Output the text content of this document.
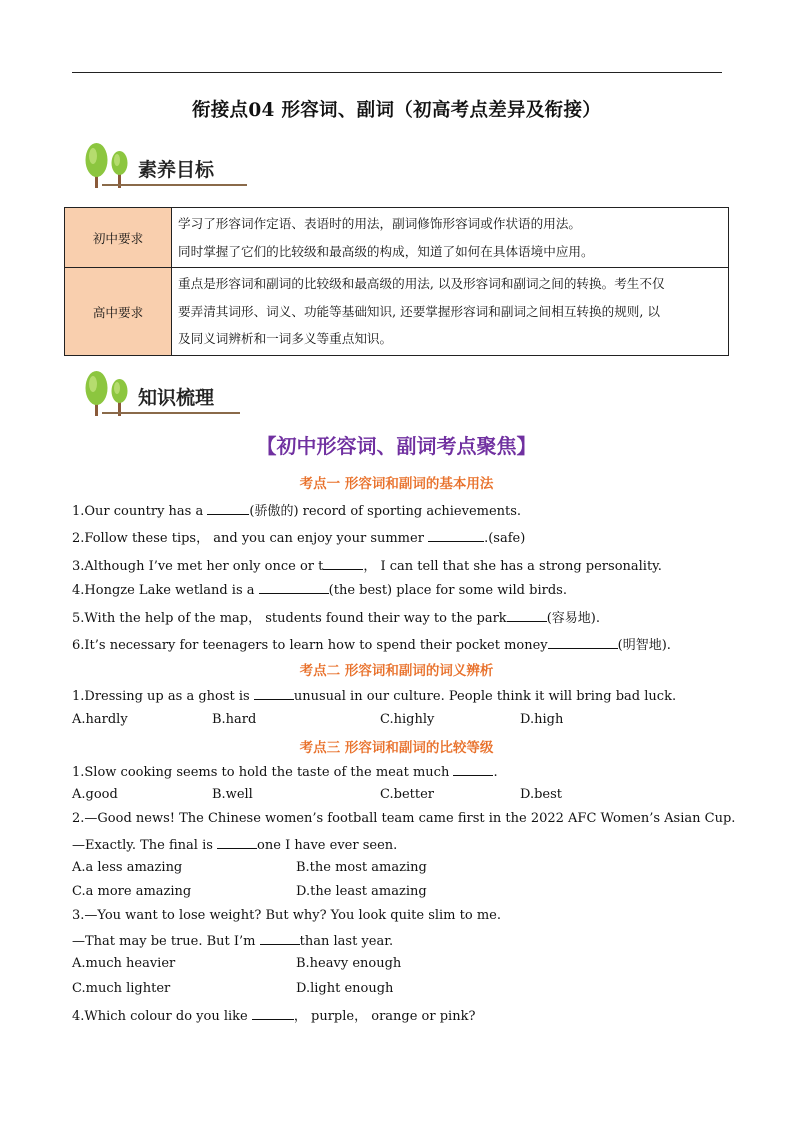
衔接点04 形容词、副词（初高考点差异及衔接）
素养目标
初中要求	学习了形容词作定语、表语时的用法，副词修饰形容词或作状语的用法。
同时掌握了它们的比较级和最高级的构成，知道了如何在具体语境中应用。

高中要求	重点是形容词和副词的比较级和最高级的用法, 以及形容词和副词之间的转换。考生不仅
要弄清其词形、词义、功能等基础知识, 还要掌握形容词和副词之间相互转换的规则, 以
及同义词辨析和一词多义等重点知识。
知识梳理
【初中形容词、副词考点聚焦】
考点一 形容词和副词的基本用法
1.Our country has a	(骄傲的) record of sporting achievements.
2.Follow these tips， and you can enjoy your summer	.(safe)
3.Although I’ve met her only once or t	， I can tell that she has a strong personality.
4.Hongze Lake wetland is a	(the best) place for some wild birds.
5.With the help of the map， students found their way to the park	(容易地).
6.It’s necessary for teenagers to learn how to spend their pocket money	(明智地).
考点二 形容词和副词的词义辨析
1.Dressing up as a ghost is	unusual in our culture. People think it will bring bad luck.
A.hardly	B.hard	C.highly	D.high
考点三 形容词和副词的比较等级
1.Slow cooking seems to hold the taste of the meat much	.
A.good	B.well	C.better	D.best
2.—Good news! The Chinese women’s football team came first in the 2022 AFC Women’s Asian Cup.
—Exactly. The final is	one I have ever seen.
A.a less amazing	B.the most amazing
C.a more amazing	D.the least amazing
3.—You want to lose weight? But why? You look quite slim to me.
—That may be true. But I’m	than last year.
A.much heavier	B.heavy enough
C.much lighter	D.light enough
4.Which colour do you like	， purple， orange or pink?
